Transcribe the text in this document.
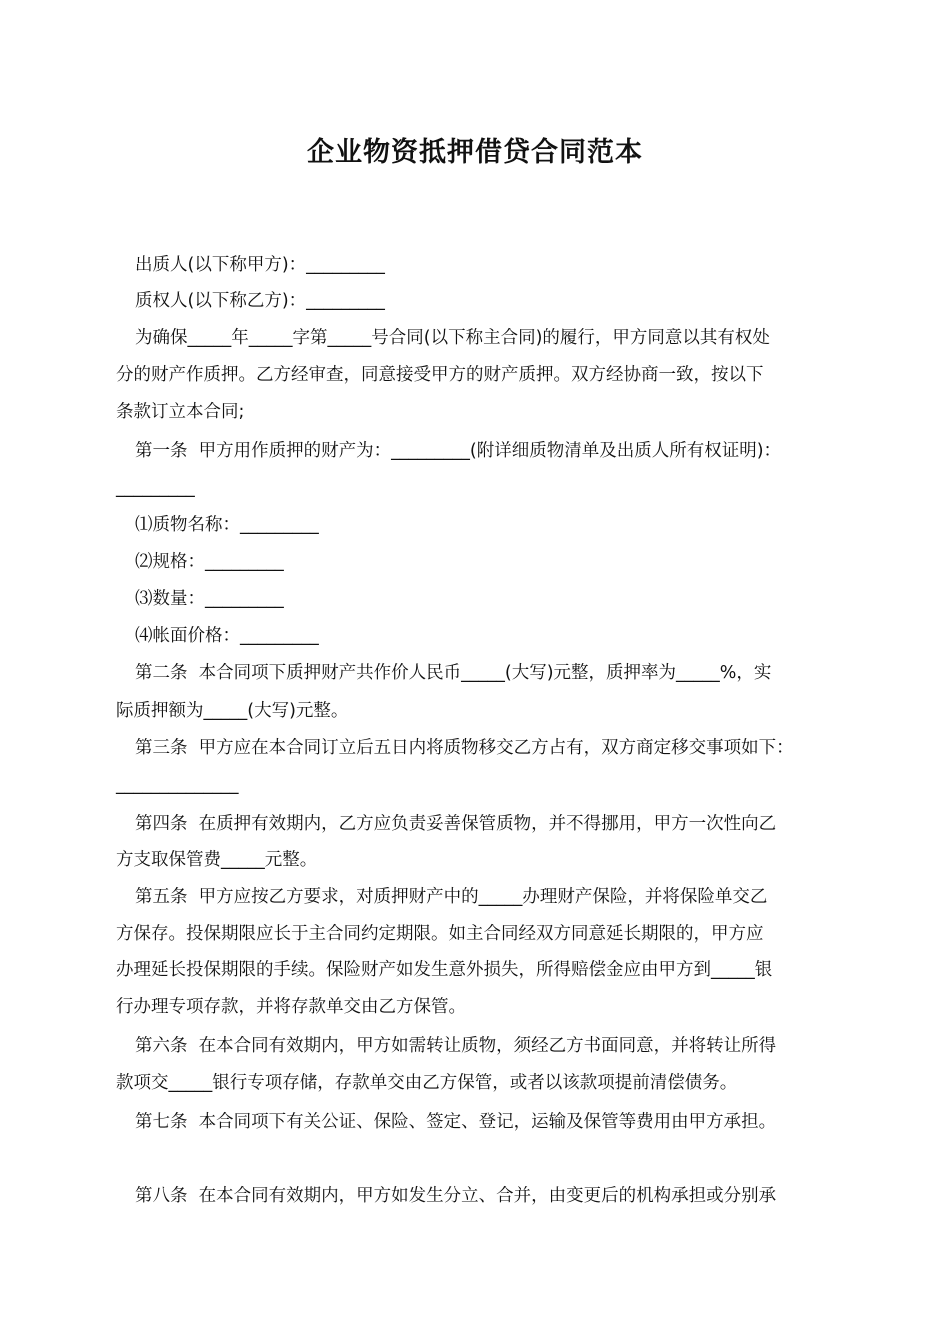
企业物资抵押借贷合同范本
出质人(以下称甲方)：_________
质权人(以下称乙方)：_________
为确保_____年_____字第_____号合同(以下称主合同)的履行，甲方同意以其有权处
分的财产作质押。乙方经审查，同意接受甲方的财产质押。双方经协商一致，按以下
条款订立本合同;
第一条  甲方用作质押的财产为：_________(附详细质物清单及出质人所有权证明)：
_________
⑴质物名称：_________
⑵规格：_________
⑶数量：_________
⑷帐面价格：_________
第二条  本合同项下质押财产共作价人民币_____(大写)元整，质押率为_____%，实
际质押额为_____(大写)元整。
第三条  甲方应在本合同订立后五日内将质物移交乙方占有，双方商定移交事项如下：
______________
第四条  在质押有效期内，乙方应负责妥善保管质物，并不得挪用，甲方一次性向乙
方支取保管费_____元整。
第五条  甲方应按乙方要求，对质押财产中的_____办理财产保险，并将保险单交乙
方保存。投保期限应长于主合同约定期限。如主合同经双方同意延长期限的，甲方应
办理延长投保期限的手续。保险财产如发生意外损失，所得赔偿金应由甲方到_____银
行办理专项存款，并将存款单交由乙方保管。
第六条  在本合同有效期内，甲方如需转让质物，须经乙方书面同意，并将转让所得
款项交_____银行专项存储，存款单交由乙方保管，或者以该款项提前清偿债务。
第七条  本合同项下有关公证、保险、签定、登记，运输及保管等费用由甲方承担。
第八条  在本合同有效期内，甲方如发生分立、合并，由变更后的机构承担或分别承
